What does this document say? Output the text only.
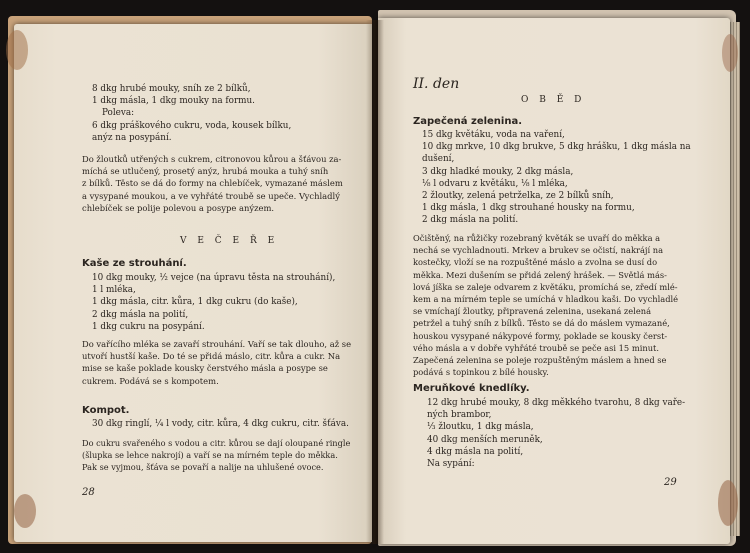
8 dkg hrubé mouky, sníh ze 2 bílků,

1 dkg másla, 1 dkg mouky na formu.

Poleva:

6 dkg práškového cukru, voda, kousek bílku,

anýz na posypání.

Do žloutků utřených s cukrem, citronovou kůrou a šťávou za-

míchá se utlučený, prosetý anýz, hrubá mouka a tuhý sníh

z bílků. Těsto se dá do formy na chlebíček, vymazané máslem

a vysypané moukou, a ve vyhřáté troubě se upeče. Vychladlý

chlebíček se polije polevou a posype anýzem.

V E Č E Ř E
Kaše ze strouhání.

10 dkg mouky, ½ vejce (na úpravu těsta na strouhání),

1 l mléka,

1 dkg másla, citr. kůra, 1 dkg cukru (do kaše),

2 dkg másla na polití,

1 dkg cukru na posypání.

Do vařícího mléka se zavaří strouhání. Vaří se tak dlouho, až se

utvoří hustší kaše. Do té se přidá máslo, citr. kůra a cukr. Na

mise se kaše poklade kousky čerstvého másla a posype se

cukrem. Podává se s kompotem.

Kompot.

30 dkg ringlí, ¼ l vody, citr. kůra, 4 dkg cukru, citr. šťáva.

Do cukru svařeného s vodou a citr. kůrou se dají oloupané ringle

(šlupka se lehce nakrojí) a vaří se na mírném teple do měkka.

Pak se vyjmou, šťáva se povaří a nalije na uhlušené ovoce.

28
II. den
O B Ě D
Zapečená zelenina.

15 dkg květáku, voda na vaření,

10 dkg mrkve, 10 dkg brukve, 5 dkg hrášku, 1 dkg másla na

dušení,

3 dkg hladké mouky, 2 dkg másla,

⅛ l odvaru z květáku, ⅛ l mléka,

2 žloutky, zelená petrželka, ze 2 bílků sníh,

1 dkg másla, 1 dkg strouhané housky na formu,

2 dkg másla na polití.

Očištěný, na růžičky rozebraný květák se uvaří do měkka a

nechá se vychladnouti. Mrkev a brukev se očistí, nakrájí na

kostečky, vloží se na rozpuštěné máslo a zvolna se dusí do

měkka. Mezi dušením se přidá zelený hrášek. — Světlá más-

lová jíška se zaleje odvarem z květáku, promíchá se, zředí mlé-

kem a na mírném teple se umíchá v hladkou kaši. Do vychladlé

se vmíchají žloutky, připravená zelenina, usekaná zelená

petržel a tuhý sníh z bílků. Těsto se dá do máslem vymazané,

houskou vysypané nákypové formy, poklade se kousky čerst-

vého másla a v dobře vyhřáté troubě se peče asi 15 minut.

Zapečená zelenina se poleje rozpuštěným máslem a hned se

podává s topinkou z bílé housky.

Meruňkové knedlíky.

12 dkg hrubé mouky, 8 dkg měkkého tvarohu, 8 dkg vaře-

ných brambor,

⅓ žloutku, 1 dkg másla,

40 dkg menších meruněk,

4 dkg másla na polití,

Na sypání:

29
